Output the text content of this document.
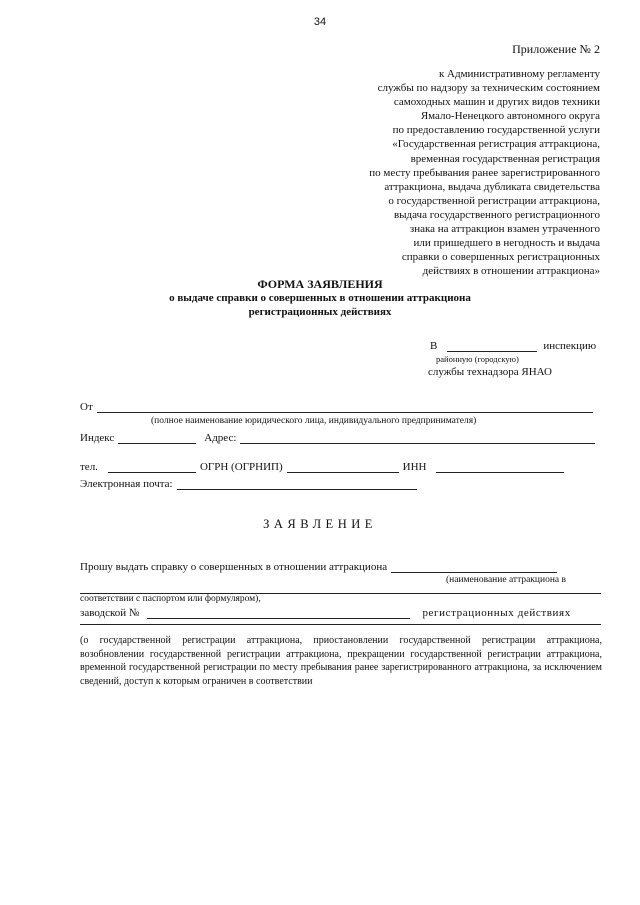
34
Приложение № 2
к Административному регламенту
службы по надзору за техническим состоянием
самоходных машин и других видов техники
Ямало-Ненецкого автономного округа
по предоставлению государственной услуги
«Государственная регистрация аттракциона,
временная государственная регистрация
по месту пребывания ранее зарегистрированного
аттракциона, выдача дубликата свидетельства
о государственной регистрации аттракциона,
выдача государственного регистрационного
знака на аттракцион взамен утраченного
или пришедшего в негодность и выдача
справки о совершенных регистрационных
действиях в отношении аттракциона»
ФОРМА ЗАЯВЛЕНИЯ
о выдаче справки о совершенных в отношении аттракциона
регистрационных действиях
В	инспекцию
районную (городскую)
службы технадзора ЯНАО
От
(полное наименование юридического лица, индивидуального предпринимателя)
Индекс	Адрес:
тел.	ОГРН (ОГРНИП)	ИНН
Электронная почта:
ЗАЯВЛЕНИЕ
Прошу выдать справку о совершенных в отношении аттракциона
(наименование аттракциона в
соответствии с паспортом или формуляром),
заводской №	регистрационных действиях
(о государственной регистрации аттракциона, приостановлении государственной регистрации аттракциона, возобновлении государственной регистрации аттракциона, прекращении государственной регистрации аттракциона, временной государственной регистрации по месту пребывания ранее зарегистрированного аттракциона, за исключением сведений, доступ к которым ограничен в соответствии
